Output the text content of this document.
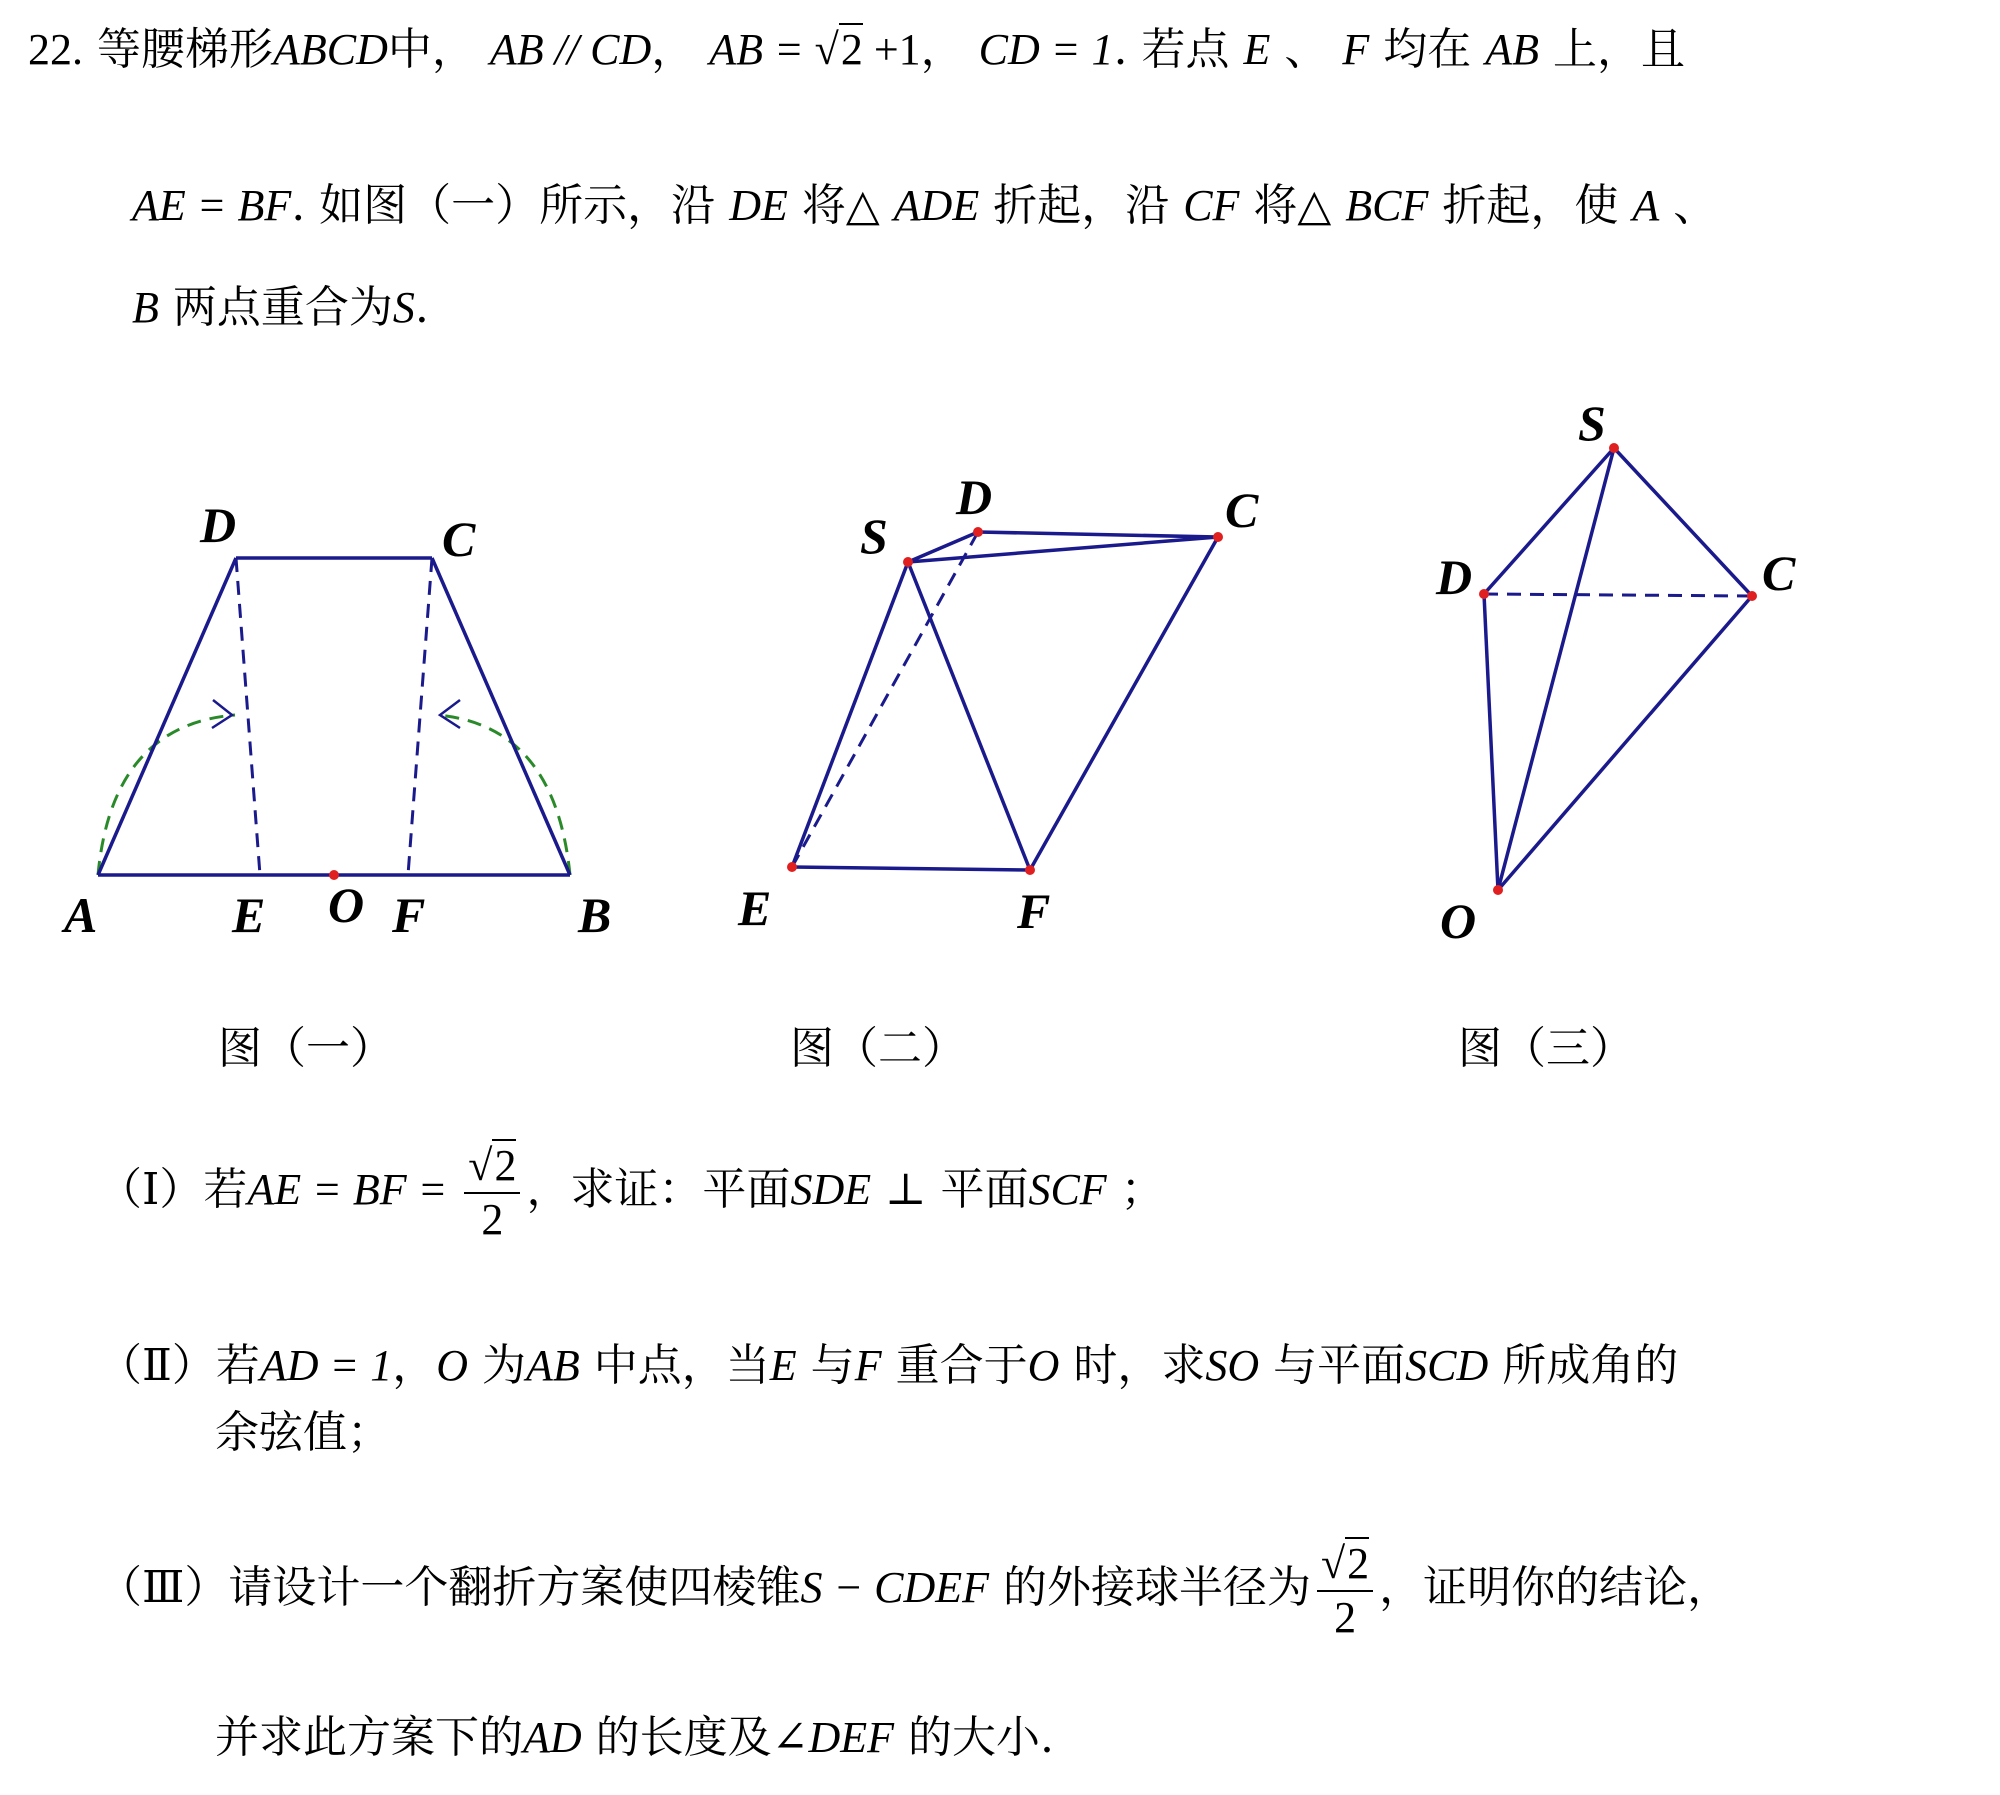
22. 等腰梯形ABCD中， AB // CD， AB = √2 +1， CD = 1. 若点 E 、 F 均在 AB 上，且
AE = BF. 如图（一）所示，沿 DE 将△ ADE 折起，沿 CF 将△ BCF 折起，使 A 、
B 两点重合为S.
D	C
A	E O F	B
S
D	C
E	F
S
D	C
O
图（一）	图（二）	图（三）
（Ⅰ）若AE = BF = $\frac{√2}{2}$ ，求证：平面SDE ⊥ 平面SCF ；
（Ⅱ）若AD = 1，O 为AB 中点，当E 与F 重合于O 时，求SO 与平面SCD 所成角的
余弦值；
（Ⅲ）请设计一个翻折方案使四棱锥S − CDEF 的外接球半径为 $\frac{√2}{2}$ ，证明你的结论，
并求此方案下的AD 的长度及∠DEF 的大小.
